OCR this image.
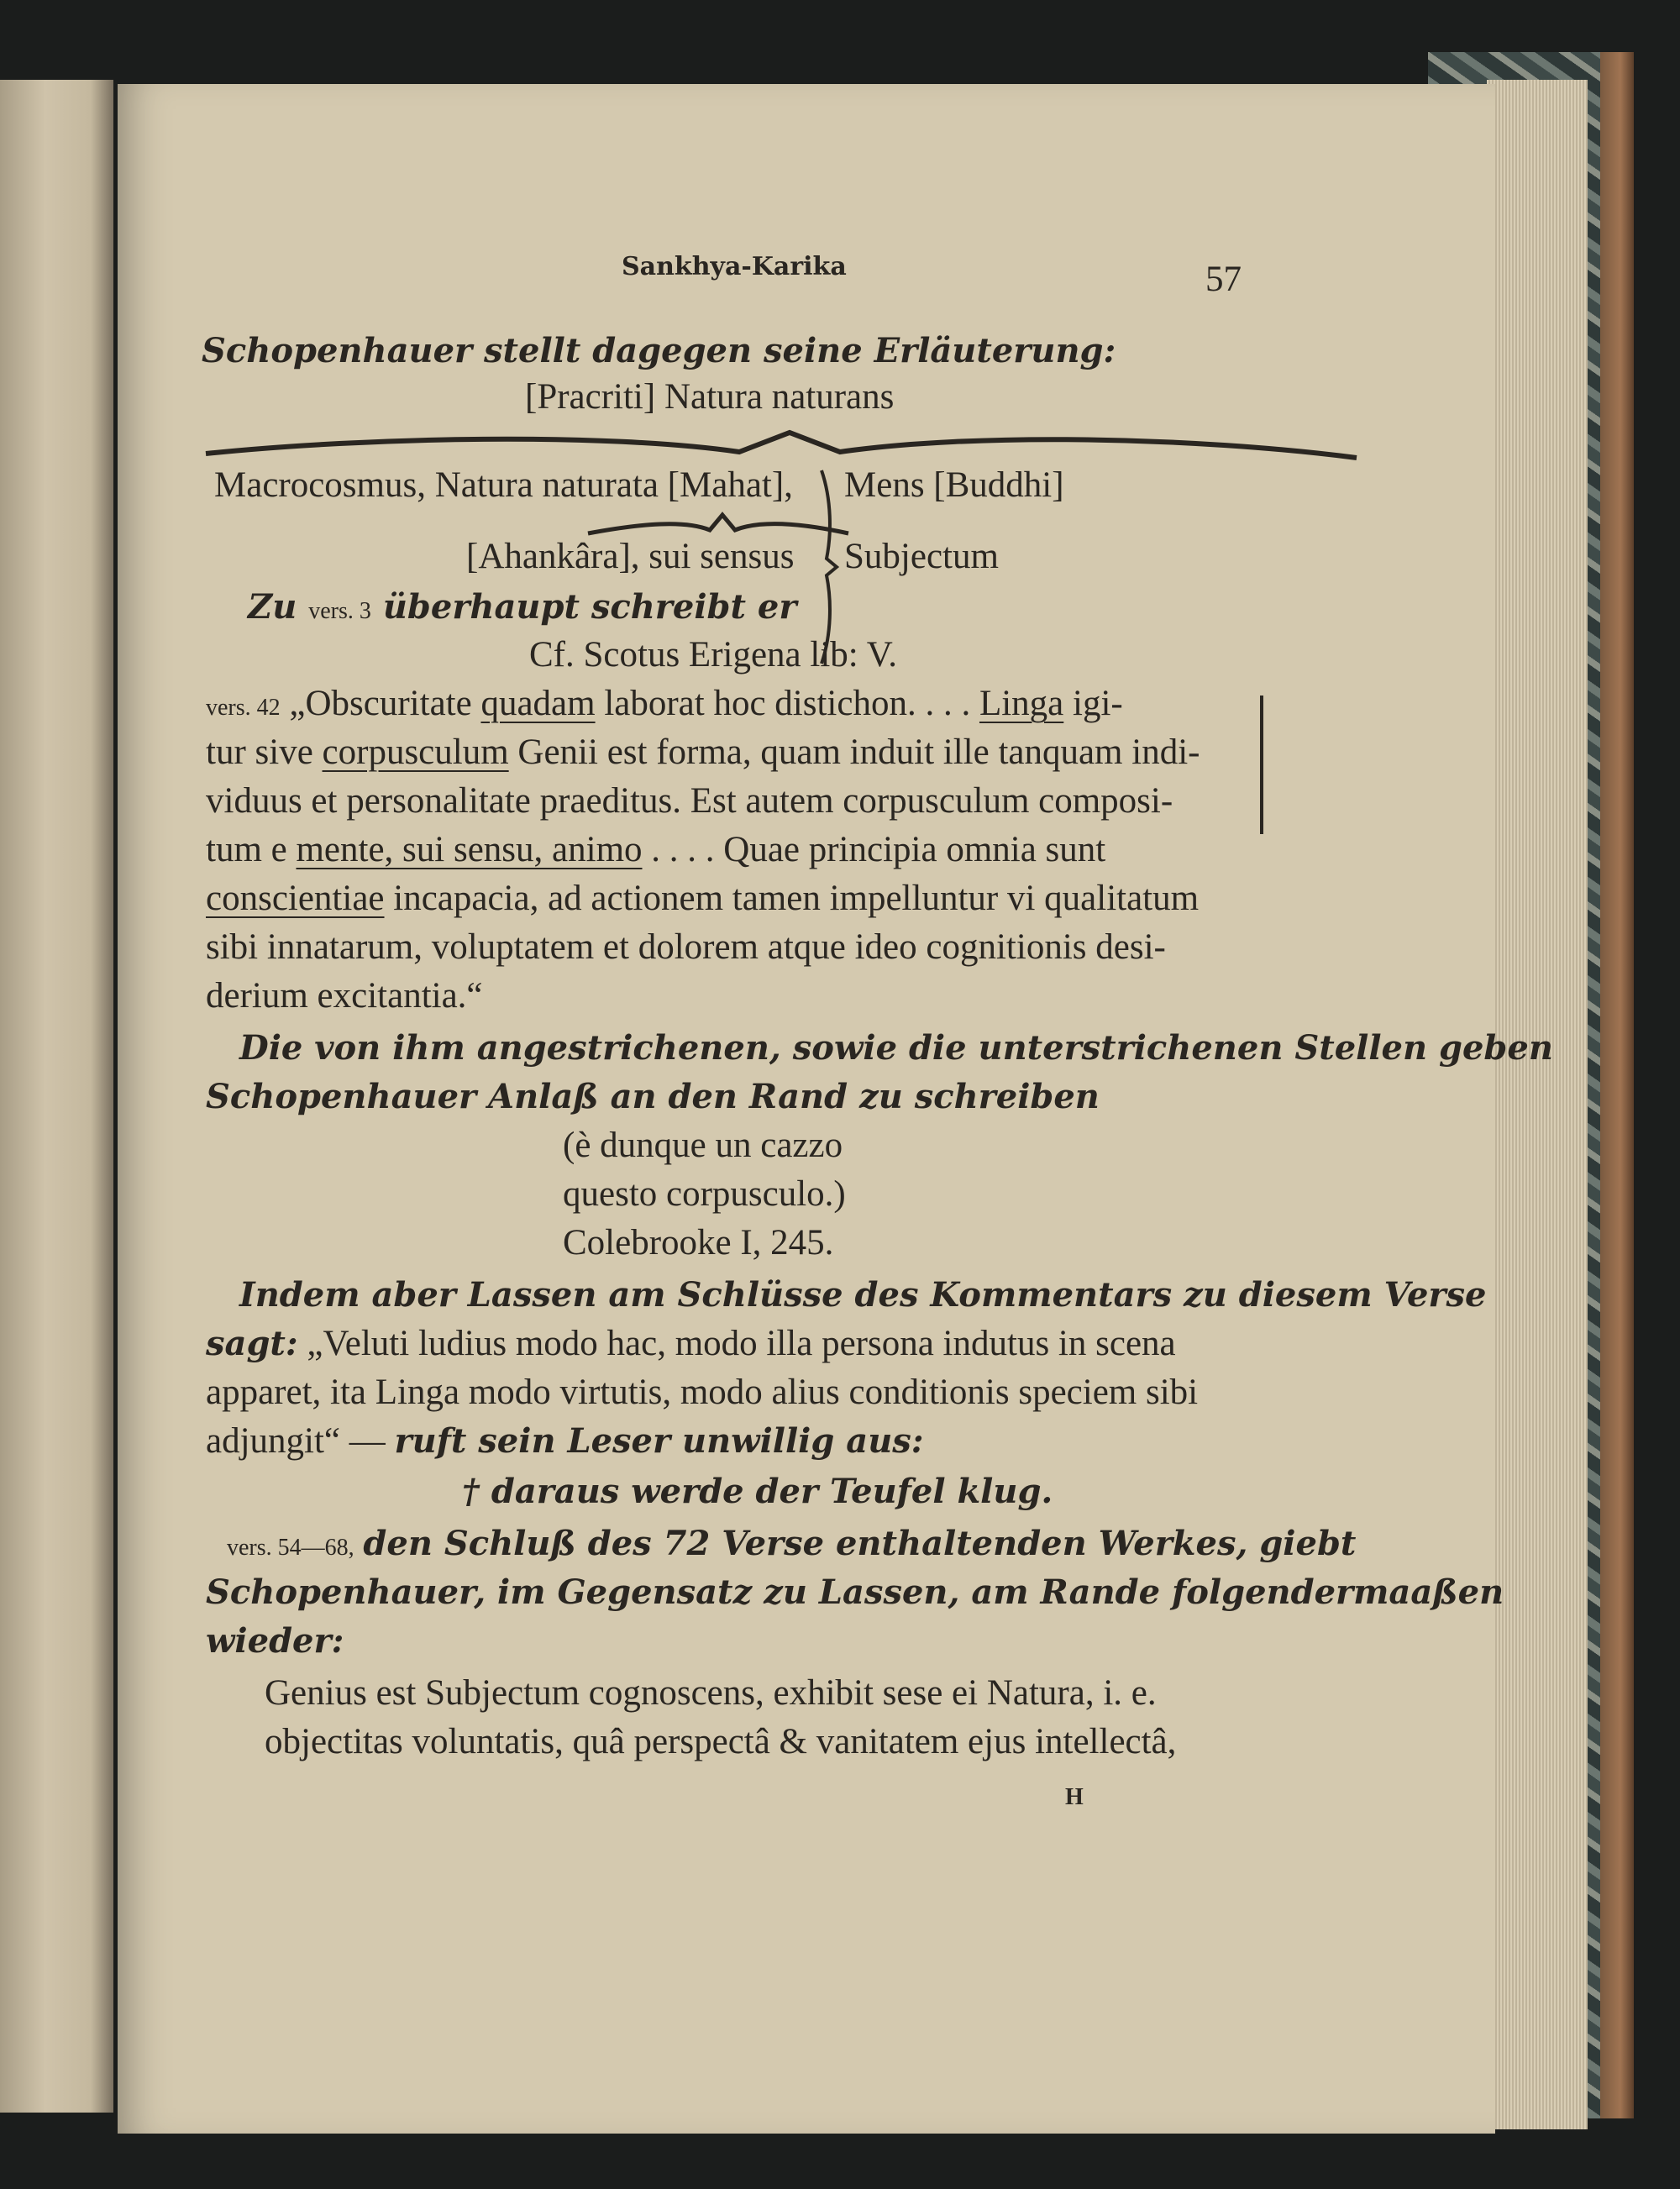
Sankhya-Karika	57
Schopenhauer stellt dagegen seine Erläuterung:
[Pracriti] Natura naturans
Macrocosmus, Natura naturata [Mahat], Mens [Buddhi]
[Ahankâra], sui sensus Subjectum
Zu vers. 3 überhaupt schreibt er
Cf. Scotus Erigena lib: V.
vers. 42 „Obscuritate quadam laborat hoc distichon. . . . Linga igi-
tur sive corpusculum Genii est forma, quam induit ille tanquam indi-
viduus et personalitate praeditus. Est autem corpusculum composi-
tum e mente, sui sensu, animo . . . . Quae principia omnia sunt
conscientiae incapacia, ad actionem tamen impelluntur vi qualitatum
sibi innatarum, voluptatem et dolorem atque ideo cognitionis desi-
derium excitantia.“
Die von ihm angestrichenen, sowie die unterstrichenen Stellen geben
Schopenhauer Anlaß an den Rand zu schreiben
(è dunque un cazzo
questo corpusculo.)
Colebrooke I, 245.
Indem aber Lassen am Schlüsse des Kommentars zu diesem Verse
sagt: „Veluti ludius modo hac, modo illa persona indutus in scena
apparet, ita Linga modo virtutis, modo alius conditionis speciem sibi
adjungit“ — ruft sein Leser unwillig aus:
† daraus werde der Teufel klug.
vers. 54—68, den Schluß des 72 Verse enthaltenden Werkes, giebt
Schopenhauer, im Gegensatz zu Lassen, am Rande folgendermaaßen
wieder:
Genius est Subjectum cognoscens, exhibit sese ei Natura, i. e.
objectitas voluntatis, quâ perspectâ & vanitatem ejus intellectâ,
H
